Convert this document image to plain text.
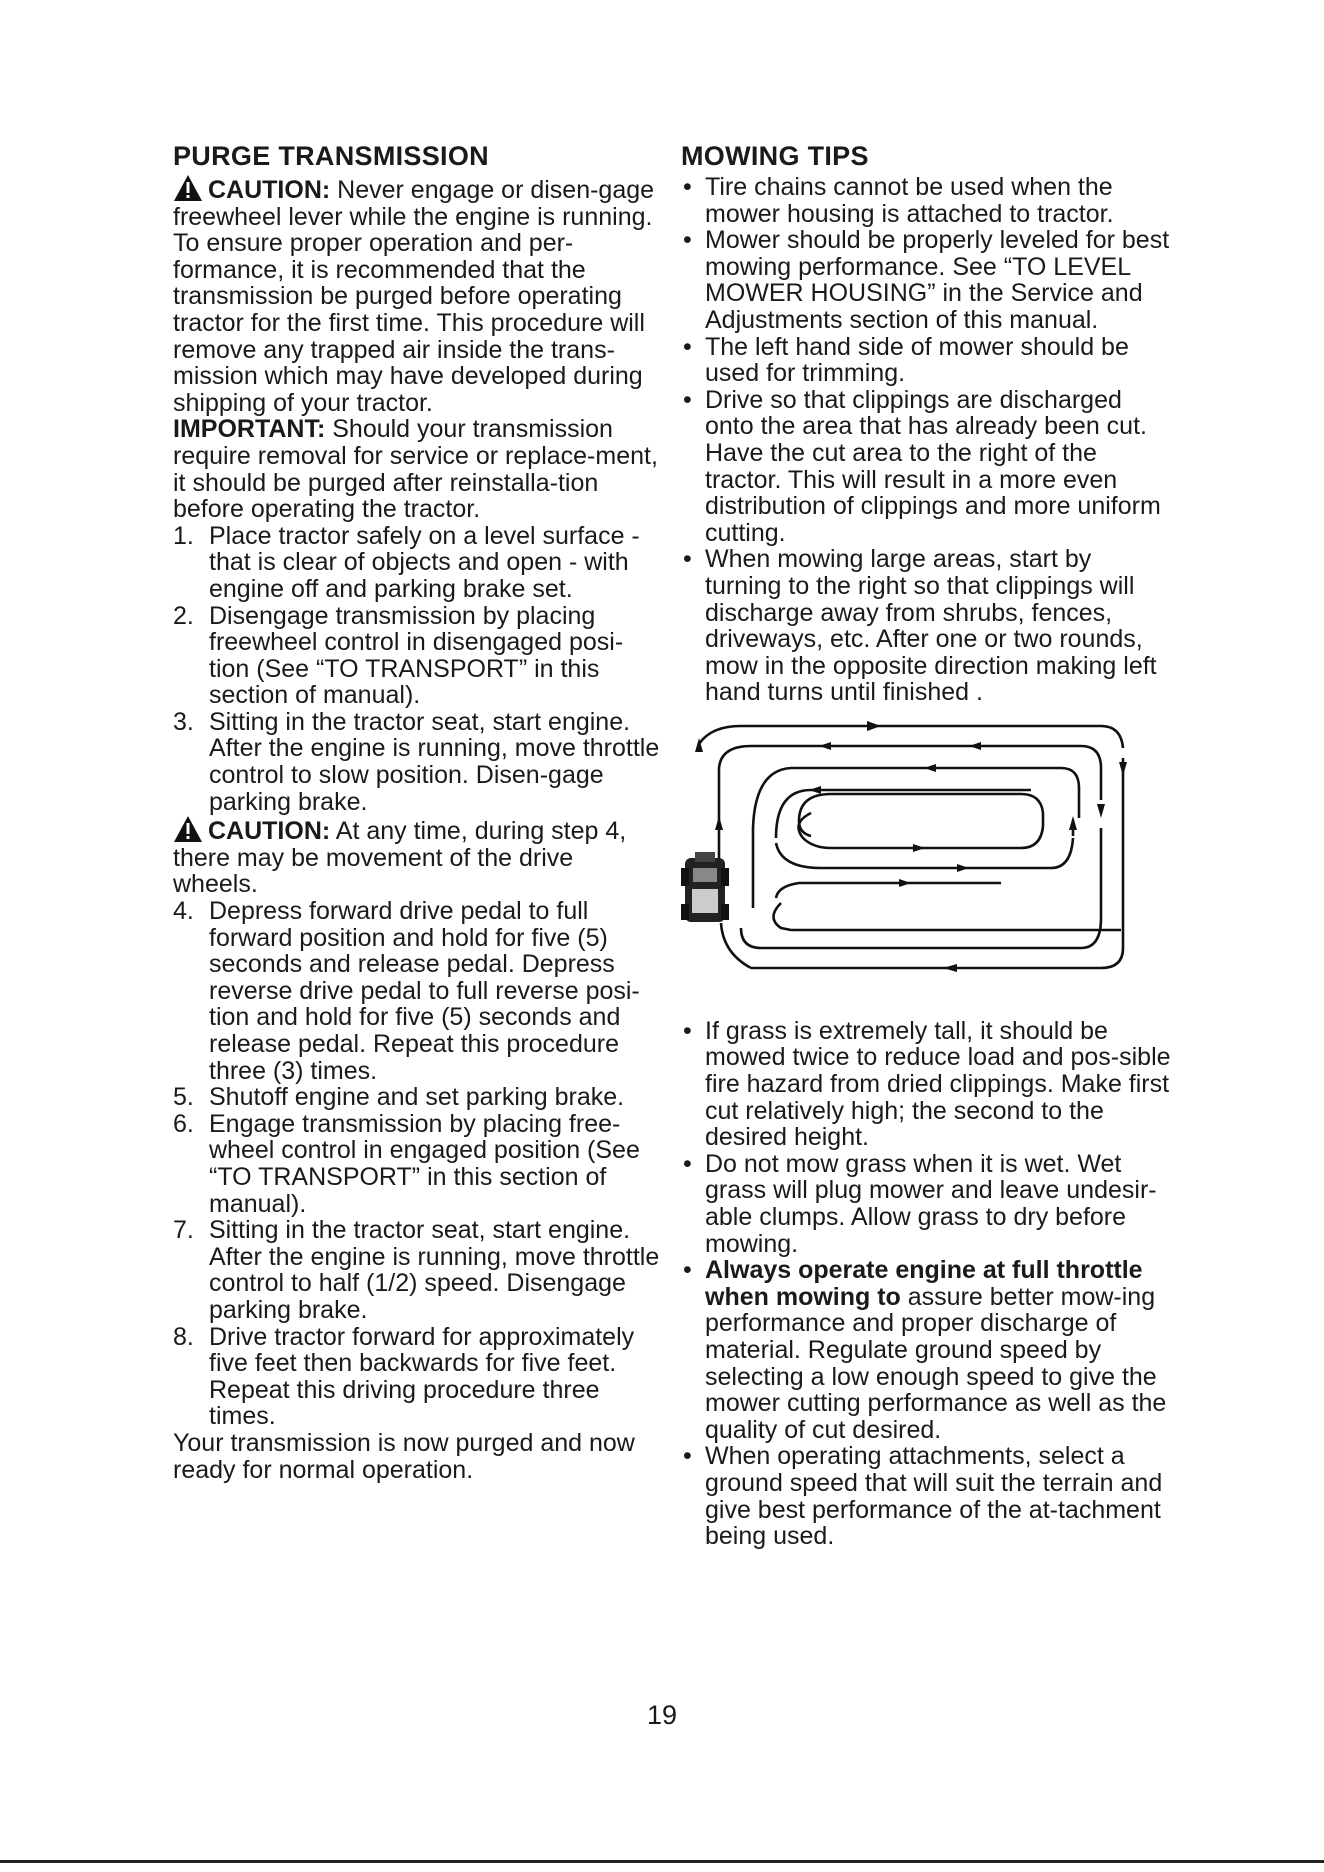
PURGE TRANSMISSION

CAUTION: Never engage or disen-gage freewheel lever while the engine is running.

To ensure proper operation and per-formance, it is recommended that the transmission be purged before operating tractor for the first time. This procedure will remove any trapped air inside the trans-mission which may have developed during shipping of your tractor.

IMPORTANT: Should your transmission require removal for service or replace-ment, it should be purged after reinstalla-tion before operating the tractor.

1. Place tractor safely on a level surface - that is clear of objects and open - with engine off and parking brake set.
2. Disengage transmission by placing freewheel control in disengaged posi-tion (See “TO TRANSPORT” in this section of manual).
3. Sitting in the tractor seat, start engine. After the engine is running, move throttle control to slow position. Disen-gage parking brake.
CAUTION: At any time, during step 4, there may be movement of the drive wheels.
4. Depress forward drive pedal to full forward position and hold for five (5) seconds and release pedal. Depress reverse drive pedal to full reverse posi-tion and hold for five (5) seconds and release pedal. Repeat this procedure three (3) times.
5. Shutoff engine and set parking brake.
6. Engage transmission by placing free-wheel control in engaged position (See “TO TRANSPORT” in this section of manual).
7. Sitting in the tractor seat, start engine. After the engine is running, move throttle control to half (1/2) speed. Disengage parking brake.
8. Drive tractor forward for approximately five feet then backwards for five feet. Repeat this driving procedure three times.

Your transmission is now purged and now ready for normal operation.

MOWING TIPS
• Tire chains cannot be used when the mower housing is attached to tractor.
• Mower should be properly leveled for best mowing performance. See “TO LEVEL MOWER HOUSING” in the Service and Adjustments section of this manual.
• The left hand side of mower should be used for trimming.
• Drive so that clippings are discharged onto the area that has already been cut. Have the cut area to the right of the tractor. This will result in a more even distribution of clippings and more uniform cutting.
• When mowing large areas, start by turning to the right so that clippings will discharge away from shrubs, fences, driveways, etc. After one or two rounds, mow in the opposite direction making left hand turns until finished .
• If grass is extremely tall, it should be mowed twice to reduce load and pos-sible fire hazard from dried clippings. Make first cut relatively high; the second to the desired height.
• Do not mow grass when it is wet. Wet grass will plug mower and leave undesir-able clumps. Allow grass to dry before mowing.
• Always operate engine at full throttle when mowing to assure better mow-ing performance and proper discharge of material. Regulate ground speed by selecting a low enough speed to give the mower cutting performance as well as the quality of cut desired.
• When operating attachments, select a ground speed that will suit the terrain and give best performance of the at-tachment being used.
19
